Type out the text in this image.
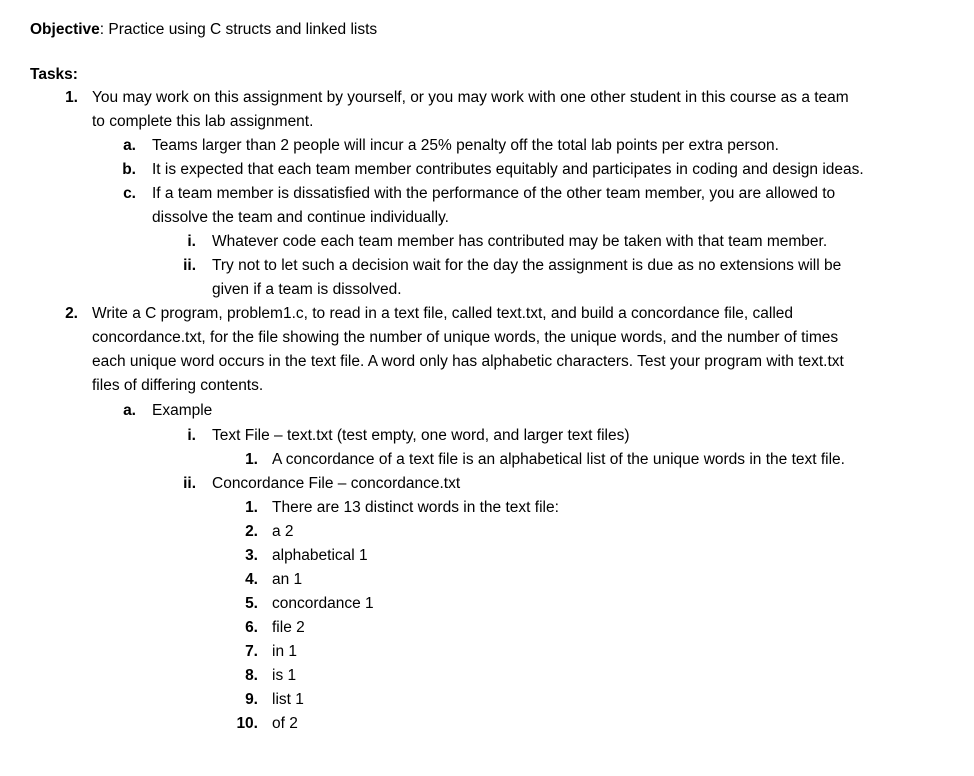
Objective: Practice using C structs and linked lists
Tasks:
1. You may work on this assignment by yourself, or you may work with one other student in this course as a team
to complete this lab assignment.
a. Teams larger than 2 people will incur a 25% penalty off the total lab points per extra person.
b. It is expected that each team member contributes equitably and participates in coding and design ideas.
c. If a team member is dissatisfied with the performance of the other team member, you are allowed to
dissolve the team and continue individually.
i. Whatever code each team member has contributed may be taken with that team member.
ii. Try not to let such a decision wait for the day the assignment is due as no extensions will be
given if a team is dissolved.
2. Write a C program, problem1.c, to read in a text file, called text.txt, and build a concordance file, called
concordance.txt, for the file showing the number of unique words, the unique words, and the number of times
each unique word occurs in the text file. A word only has alphabetic characters. Test your program with text.txt
files of differing contents.
a. Example
i. Text File – text.txt (test empty, one word, and larger text files)
1. A concordance of a text file is an alphabetical list of the unique words in the text file.
ii. Concordance File – concordance.txt
1. There are 13 distinct words in the text file:
2. a 2
3. alphabetical 1
4. an 1
5. concordance 1
6. file 2
7. in 1
8. is 1
9. list 1
10. of 2
